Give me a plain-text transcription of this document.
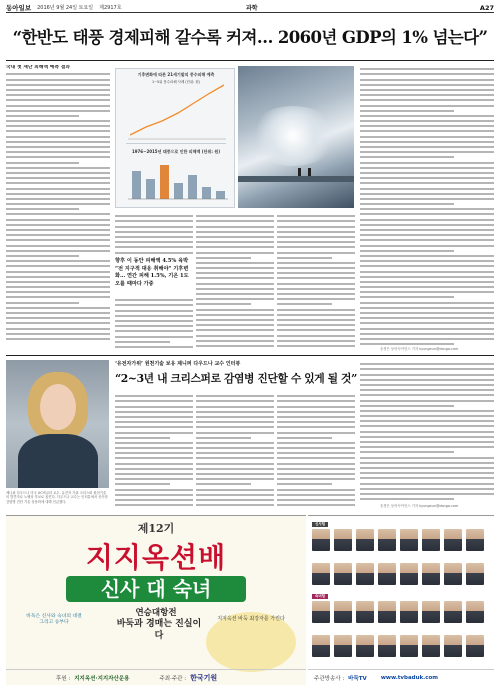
동아일보 2016년 9월 24일 토요일 제2917호	과학	A27
“한반도 태풍 경제피해 갈수록 커져… 2060년 GDP의 1% 넘는다”
국내 첫 재난 피해액 예측 결과
기후변화에 따른 21세기말의 풍수피해 예측
1~5위 풍수피해 사례 (단위: 원)
1976~2015년 태풍으로 인한 피해액 (단위: 원)
향후 이 동안 피해액 4.5% 육박 “전 지구적 대응 취해야” 기후변화… 연간 피해 1.5%, 기온 1도 오를 때마다 가중
송경은 동아사이언스 기자 kyungeun@donga.com
제니퍼 다우드나 미국 UC버클리 교수. 유전자 가위 크리스퍼 원천기술의 발견자로 노벨상 후보로 꼽힌다. 다우드나 교수는 인터뷰에서 신속한 감염병 진단 기술 상용화에 대해 언급했다.
‘유전자가위’ 원천기술 보유 제니퍼 다우드나 교수 인터뷰
“2~3년 내 크리스퍼로 감염병 진단할 수 있게 될 것”
송경은 동아사이언스 기자 kyungeun@donga.com
제12기
지지옥션배
신사 대 숙녀
연승대항전
바둑은 신사와 숙녀의 대결 그리고 승부다	바둑과 경매는 진실이다
지지옥션 바둑 최강자를 가린다
후원 : 지지옥션·지지자산운용	주최·주관 : 한국기원
신사팀
숙녀팀
주관방송사 : 바둑TV	www.tvbaduk.com
